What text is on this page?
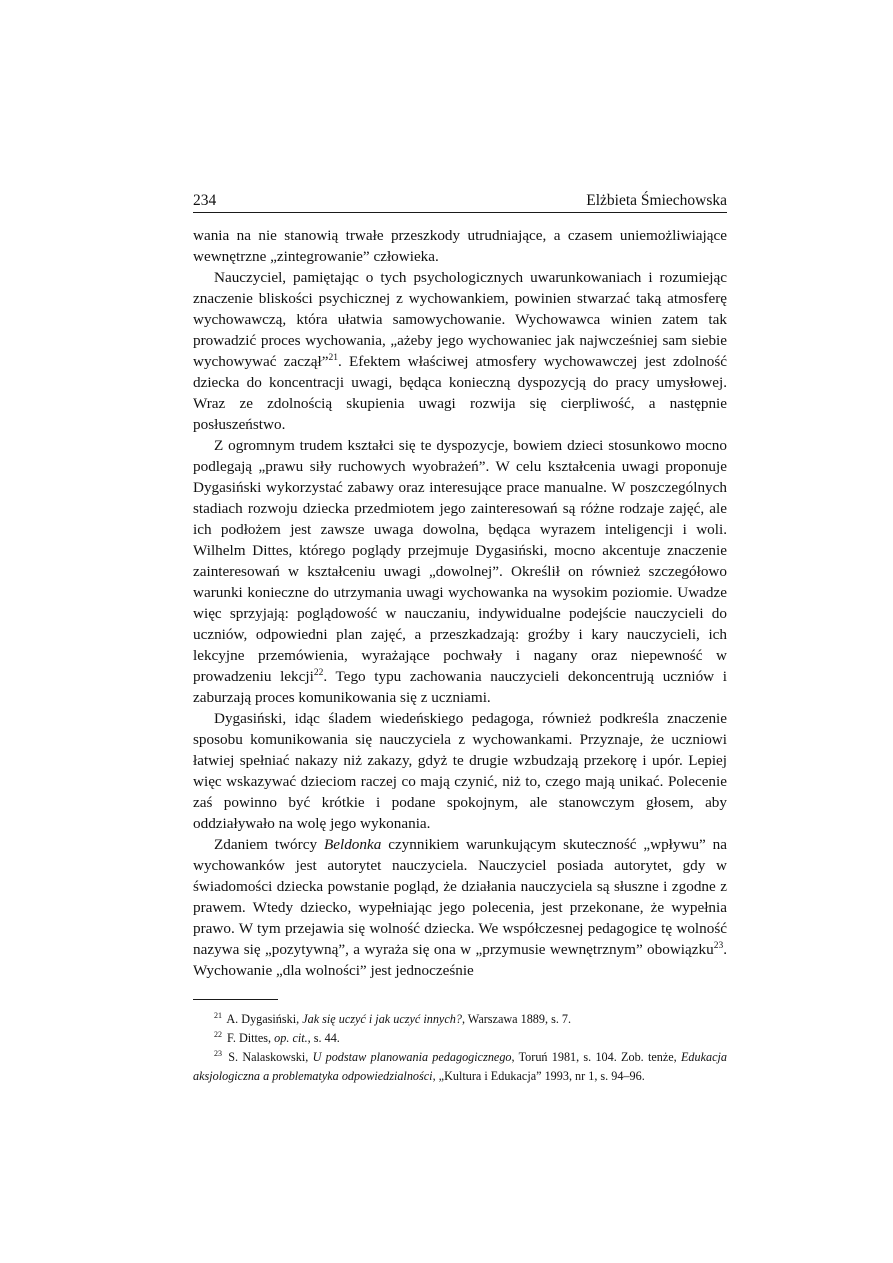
234	Elżbieta Śmiechowska

wania na nie stanowią trwałe przeszkody utrudniające, a czasem uniemożliwiające wewnętrzne „zintegrowanie” człowieka.

Nauczyciel, pamiętając o tych psychologicznych uwarunkowaniach i rozumiejąc znaczenie bliskości psychicznej z wychowankiem, powinien stwarzać taką atmosferę wychowawczą, która ułatwia samowychowanie. Wychowawca winien zatem tak prowadzić proces wychowania, „ażeby jego wychowaniec jak najwcześniej sam siebie wychowywać zaczął”$^{21}$. Efektem właściwej atmosfery wychowawczej jest zdolność dziecka do koncentracji uwagi, będąca konieczną dyspozycją do pracy umysłowej. Wraz ze zdolnością skupienia uwagi rozwija się cierpliwość, a następnie posłuszeństwo.

Z ogromnym trudem kształci się te dyspozycje, bowiem dzieci stosunkowo mocno podlegają „prawu siły ruchowych wyobrażeń”. W celu kształcenia uwagi proponuje Dygasiński wykorzystać zabawy oraz interesujące prace manualne. W poszczególnych stadiach rozwoju dziecka przedmiotem jego zainteresowań są różne rodzaje zajęć, ale ich podłożem jest zawsze uwaga dowolna, będąca wyrazem inteligencji i woli. Wilhelm Dittes, którego poglądy przejmuje Dygasiński, mocno akcentuje znaczenie zainteresowań w kształceniu uwagi „dowolnej”. Określił on również szczegółowo warunki konieczne do utrzymania uwagi wychowanka na wysokim poziomie. Uwadze więc sprzyjają: poglądowość w nauczaniu, indywidualne podejście nauczycieli do uczniów, odpowiedni plan zajęć, a przeszkadzają: groźby i kary nauczycieli, ich lekcyjne przemówienia, wyrażające pochwały i nagany oraz niepewność w prowadzeniu lekcji$^{22}$. Tego typu zachowania nauczycieli dekoncentrują uczniów i zaburzają proces komunikowania się z uczniami.

Dygasiński, idąc śladem wiedeńskiego pedagoga, również podkreśla znaczenie sposobu komunikowania się nauczyciela z wychowankami. Przyznaje, że uczniowi łatwiej spełniać nakazy niż zakazy, gdyż te drugie wzbudzają przekorę i upór. Lepiej więc wskazywać dzieciom raczej co mają czynić, niż to, czego mają unikać. Polecenie zaś powinno być krótkie i podane spokojnym, ale stanowczym głosem, aby oddziaływało na wolę jego wykonania.

Zdaniem twórcy Beldonka czynnikiem warunkującym skuteczność „wpływu” na wychowanków jest autorytet nauczyciela. Nauczyciel posiada autorytet, gdy w świadomości dziecka powstanie pogląd, że działania nauczyciela są słuszne i zgodne z prawem. Wtedy dziecko, wypełniając jego polecenia, jest przekonane, że wypełnia prawo. W tym przejawia się wolność dziecka. We współczesnej pedagogice tę wolność nazywa się „pozytywną”, a wyraża się ona w „przymusie wewnętrznym” obowiązku$^{23}$. Wychowanie „dla wolności” jest jednocześnie

$^{21}$ A. Dygasiński, Jak się uczyć i jak uczyć innych?, Warszawa 1889, s. 7.

$^{22}$ F. Dittes, op. cit., s. 44.

$^{23}$ S. Nalaskowski, U podstaw planowania pedagogicznego, Toruń 1981, s. 104. Zob. tenże, Edukacja aksjologiczna a problematyka odpowiedzialności, „Kultura i Edukacja” 1993, nr 1, s. 94–96.
